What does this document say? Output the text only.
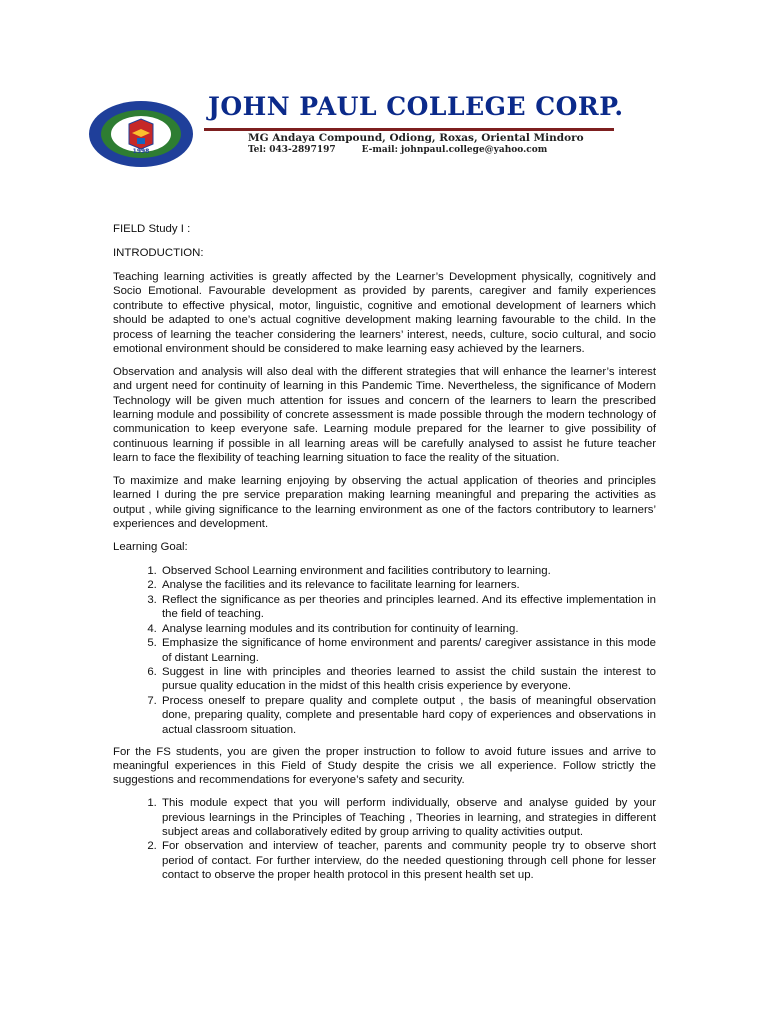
1998
JOHN PAUL COLLEGE CORP.
MG Andaya Compound, Odiong, Roxas, Oriental Mindoro
Tel: 043-2897197	E-mail: johnpaul.college@yahoo.com

FIELD Study I :

INTRODUCTION:

Teaching learning activities is greatly affected by the Learner’s Development physically, cognitively and Socio Emotional. Favourable development as provided by parents, caregiver and family experiences contribute to effective physical, motor, linguistic, cognitive and emotional development of learners which should be adapted to one’s actual cognitive development making learning favourable to the child. In the process of learning the teacher considering the learners’ interest, needs, culture, socio cultural, and socio emotional environment should be considered to make learning easy achieved by the learners.

Observation and analysis will also deal with the different strategies that will enhance the learner’s interest and urgent need for continuity of learning in this Pandemic Time. Nevertheless, the significance of Modern Technology will be given much attention for issues and concern of the learners to learn the prescribed learning module and possibility of concrete assessment is made possible through the modern technology of communication to keep everyone safe. Learning module prepared for the learner to give possibility of continuous learning if possible in all learning areas will be carefully analysed to assist he future teacher learn to face the flexibility of teaching learning situation to face the reality of the situation.

To maximize and make learning enjoying by observing the actual application of theories and principles learned I during the pre service preparation making learning meaningful and preparing the activities as output , while giving significance to the learning environment as one of the factors contributory to learners’ experiences and development.

Learning Goal:

1. Observed School Learning environment and facilities contributory to learning.
2. Analyse the facilities and its relevance to facilitate learning for learners.
3. Reflect the significance as per theories and principles learned. And its effective implementation in the field of teaching.
4. Analyse learning modules and its contribution for continuity of learning.
5. Emphasize the significance of home environment and parents/ caregiver assistance in this mode of distant Learning.
6. Suggest in line with principles and theories learned to assist the child sustain the interest to pursue quality education in the midst of this health crisis experience by everyone.
7. Process oneself to prepare quality and complete output , the basis of meaningful observation done, preparing quality, complete and presentable hard copy of experiences and observations in actual classroom situation.

For the FS students, you are given the proper instruction to follow to avoid future issues and arrive to meaningful experiences in this Field of Study despite the crisis we all experience. Follow strictly the suggestions and recommendations for everyone’s safety and security.

1. This module expect that you will perform individually, observe and analyse guided by your previous learnings in the Principles of Teaching , Theories in learning, and strategies in different subject areas and collaboratively edited by group arriving to quality activities output.
2. For observation and interview of teacher, parents and community people try to observe short period of contact. For further interview, do the needed questioning through cell phone for lesser contact to observe the proper health protocol in this present health set up.
